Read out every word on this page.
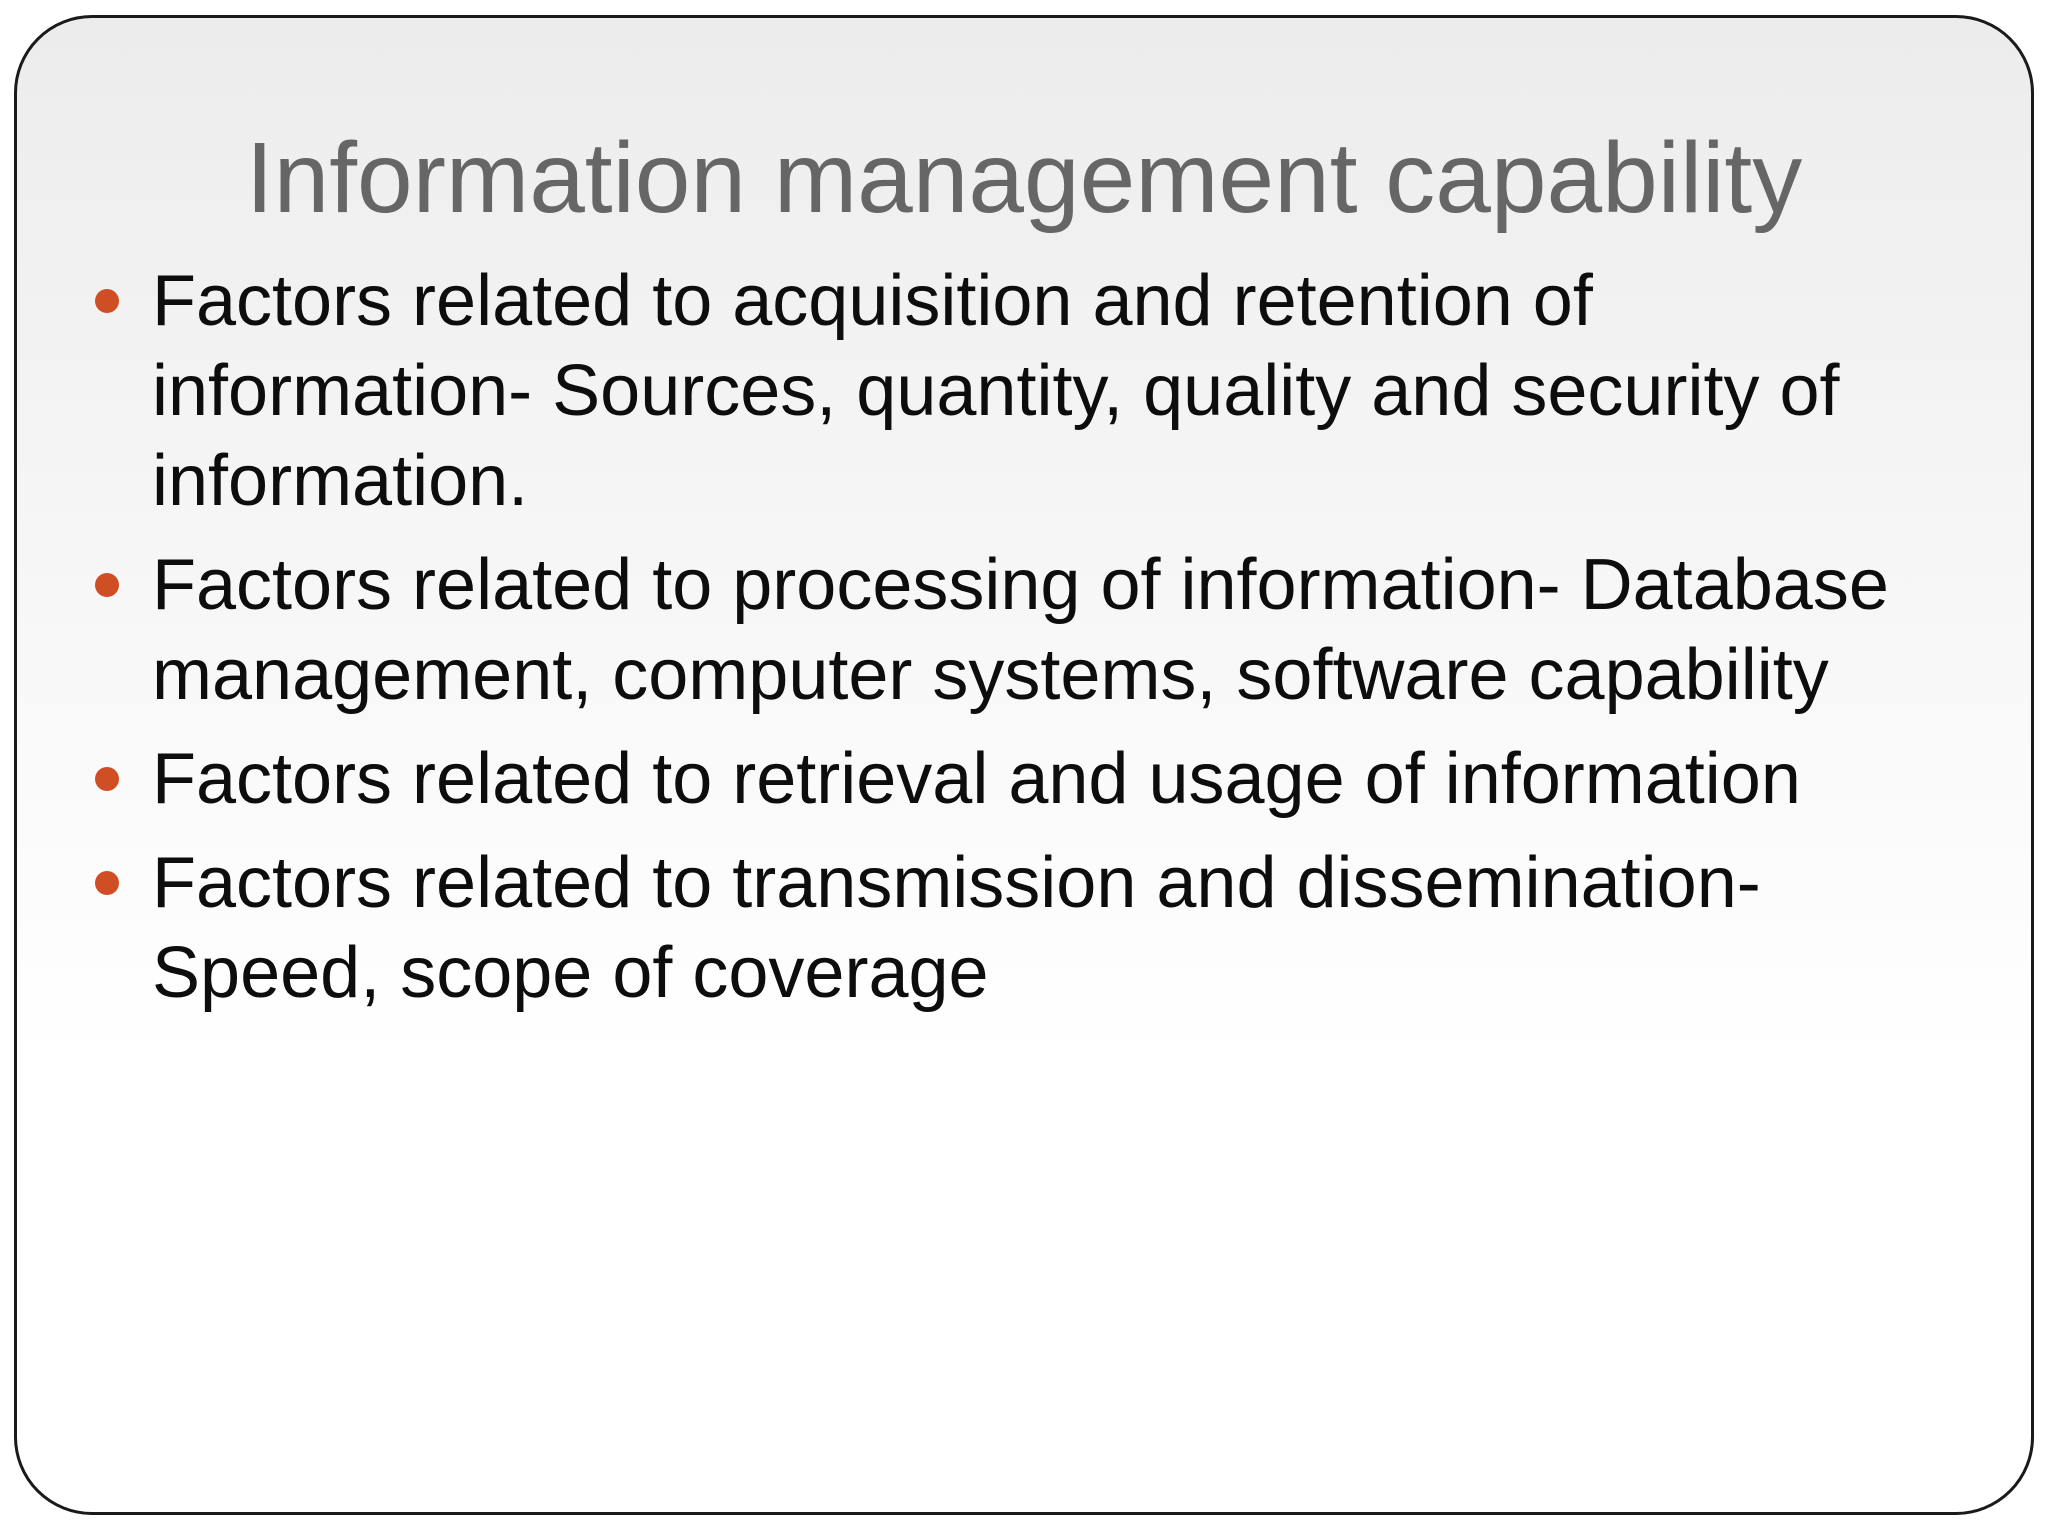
Information management capability
Factors related to acquisition and retention of
information- Sources, quantity, quality and security of
information.
Factors related to processing of information- Database
management, computer systems, software capability
Factors related to retrieval and usage of information
Factors related to transmission and dissemination-
Speed, scope of coverage
